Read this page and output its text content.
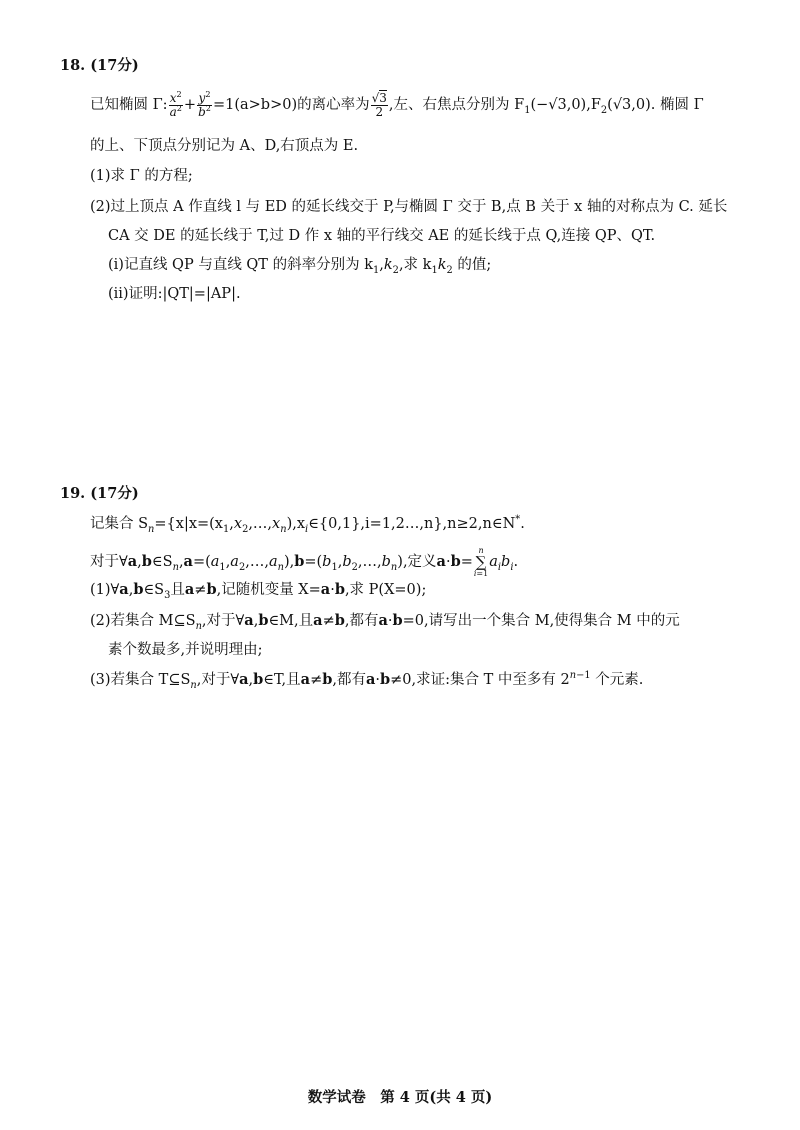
18. (17分)
已知椭圆 Γ: $\frac{x^2}{a^2} + \frac{y^2}{b^2} =1(a>b>0)$的离心率为 $\frac{√3}{2}$ ,左、右焦点分别为 $F_1(-√3,0),F_2(√3,0)$. 椭圆 Γ
的上、下顶点分别记为 A、D,右顶点为 E.
(1)求 Γ 的方程;
(2)过上顶点 A 作直线 l 与 ED 的延长线交于 P,与椭圆 Γ 交于 B,点 B 关于 x 轴的对称点为 C. 延长
CA 交 DE 的延长线于 T,过 D 作 x 轴的平行线交 AE 的延长线于点 Q,连接 QP、QT.
(ⅰ)记直线 QP 与直线 QT 的斜率分别为 $k_1,k_2$,求 $k_1k_2$ 的值;
(ⅱ)证明:|QT|=|AP|.
19. (17分)
记集合 $S_n=\{x|x=(x_1,x_2,\dots,x_n),x_i\in\{0,1\},i=1,2\dots,n\},n\ge 2,n\in N^*$.
对于$\forall a,b\in S_n,a=(a_1,a_2,\dots,a_n),b=(b_1,b_2,\dots,b_n)$,定义a·b=
n
∑
i=1
$a_ib_i$.
$(1)\forall a,b\in S_3$且a≠b,记随机变量 X=a·b,求 P(X=0);
(2)若集合 $M⊆S_n$,对于∀a,b∈M,且a≠b,都有a·b=0,请写出一个集合 M,使得集合 M 中的元
素个数最多,并说明理由;
(3)若集合 $T⊆S_n$,对于∀a,b∈T,且a≠b,都有a·b≠0,求证:集合 T 中至多有 $2^{n-1}$ 个元素.
数学试卷　第 4 页(共 4 页)
